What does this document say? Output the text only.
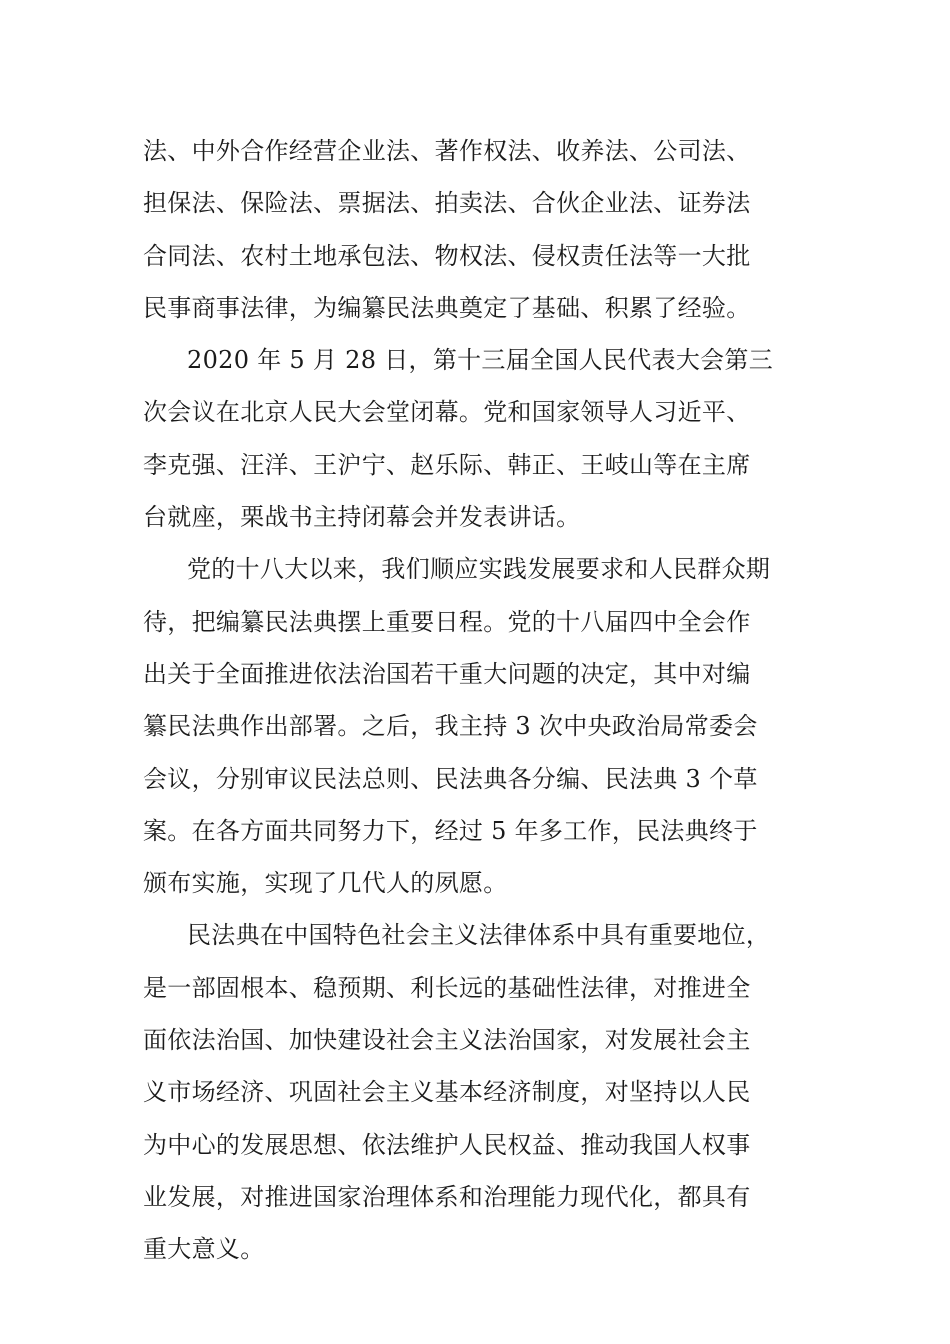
法、中外合作经营企业法、著作权法、收养法、公司法、
担保法、保险法、票据法、拍卖法、合伙企业法、证券法
合同法、农村土地承包法、物权法、侵权责任法等一大批
民事商事法律，为编纂民法典奠定了基础、积累了经验。
2020 年 5 月 28 日，第十三届全国人民代表大会第三
次会议在北京人民大会堂闭幕。党和国家领导人习近平、
李克强、汪洋、王沪宁、赵乐际、韩正、王岐山等在主席
台就座，栗战书主持闭幕会并发表讲话。
党的十八大以来，我们顺应实践发展要求和人民群众期
待，把编纂民法典摆上重要日程。党的十八届四中全会作
出关于全面推进依法治国若干重大问题的决定，其中对编
纂民法典作出部署。之后，我主持 3 次中央政治局常委会
会议，分别审议民法总则、民法典各分编、民法典 3 个草
案。在各方面共同努力下，经过 5 年多工作，民法典终于
颁布实施，实现了几代人的夙愿。
民法典在中国特色社会主义法律体系中具有重要地位，
是一部固根本、稳预期、利长远的基础性法律，对推进全
面依法治国、加快建设社会主义法治国家，对发展社会主
义市场经济、巩固社会主义基本经济制度，对坚持以人民
为中心的发展思想、依法维护人民权益、推动我国人权事
业发展，对推进国家治理体系和治理能力现代化，都具有
重大意义。
